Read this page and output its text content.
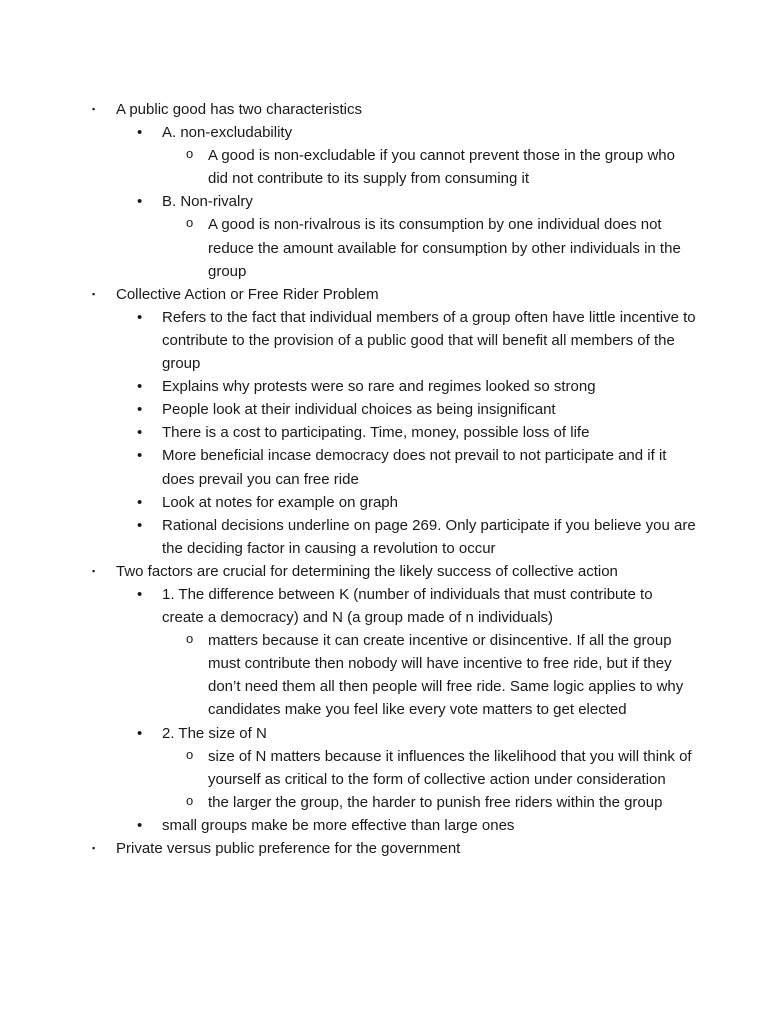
▪ A public good has two characteristics
• A. non-excludability
o A good is non-excludable if you cannot prevent those in the group who did not contribute to its supply from consuming it
• B. Non-rivalry
o A good is non-rivalrous is its consumption by one individual does not reduce the amount available for consumption by other individuals in the group
▪ Collective Action or Free Rider Problem
• Refers to the fact that individual members of a group often have little incentive to contribute to the provision of a public good that will benefit all members of the group
• Explains why protests were so rare and regimes looked so strong
• People look at their individual choices as being insignificant
• There is a cost to participating. Time, money, possible loss of life
• More beneficial incase democracy does not prevail to not participate and if it does prevail you can free ride
• Look at notes for example on graph
• Rational decisions underline on page 269. Only participate if you believe you are the deciding factor in causing a revolution to occur
▪ Two factors are crucial for determining the likely success of collective action
• 1. The difference between K (number of individuals that must contribute to create a democracy) and N (a group made of n individuals)
o matters because it can create incentive or disincentive. If all the group must contribute then nobody will have incentive to free ride, but if they don’t need them all then people will free ride. Same logic applies to why candidates make you feel like every vote matters to get elected
• 2. The size of N
o size of N matters because it influences the likelihood that you will think of yourself as critical to the form of collective action under consideration
o the larger the group, the harder to punish free riders within the group
• small groups make be more effective than large ones
▪ Private versus public preference for the government
